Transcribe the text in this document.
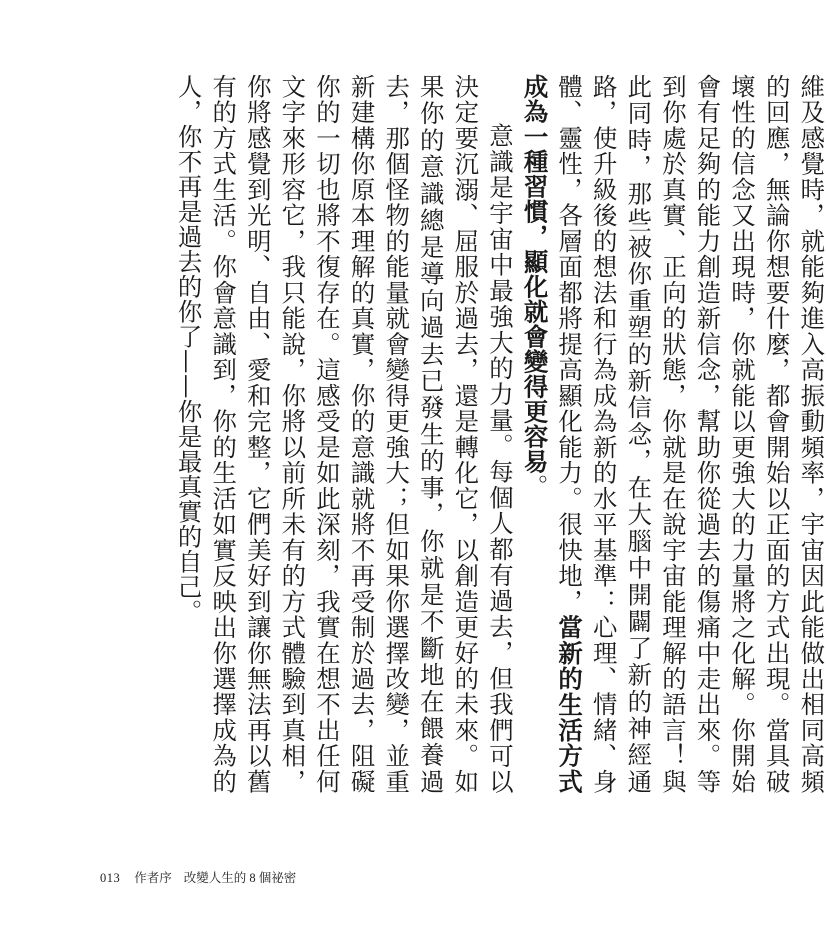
維及感覺時，就能夠進入高振動頻率，宇宙因此能做出相同高頻的回應，無論你想要什麼，都會開始以正面的方式出現。當具破壞性的信念又出現時，你就能以更強大的力量將之化解。你開始會有足夠的能力創造新信念，幫助你從過去的傷痛中走出來。等到你處於真實、正向的狀態，你就是在說宇宙能理解的語言！與此同時，那些被你重塑的新信念，在大腦中開闢了新的神經通路，使升級後的想法和行為成為新的水平基準：心理、情緒、身體、靈性，各層面都將提高顯化能力。很快地，當新的生活方式成為一種習慣，顯化就會變得更容易。

意識是宇宙中最強大的力量。每個人都有過去，但我們可以決定要沉溺、屈服於過去，還是轉化它，以創造更好的未來。如果你的意識總是導向過去已發生的事，你就是不斷地在餵養過去，那個怪物的能量就會變得更強大；但如果你選擇改變，並重新建構你原本理解的真實，你的意識就將不再受制於過去，阻礙你的一切也將不復存在。這感受是如此深刻，我實在想不出任何文字來形容它，我只能說，你將以前所未有的方式體驗到真相，你將感覺到光明、自由、愛和完整，它們美好到讓你無法再以舊有的方式生活。你會意識到，你的生活如實反映出你選擇成為的人，你不再是過去的你了——你是最真實的自己。

013 作者序 改變人生的 8 個祕密
